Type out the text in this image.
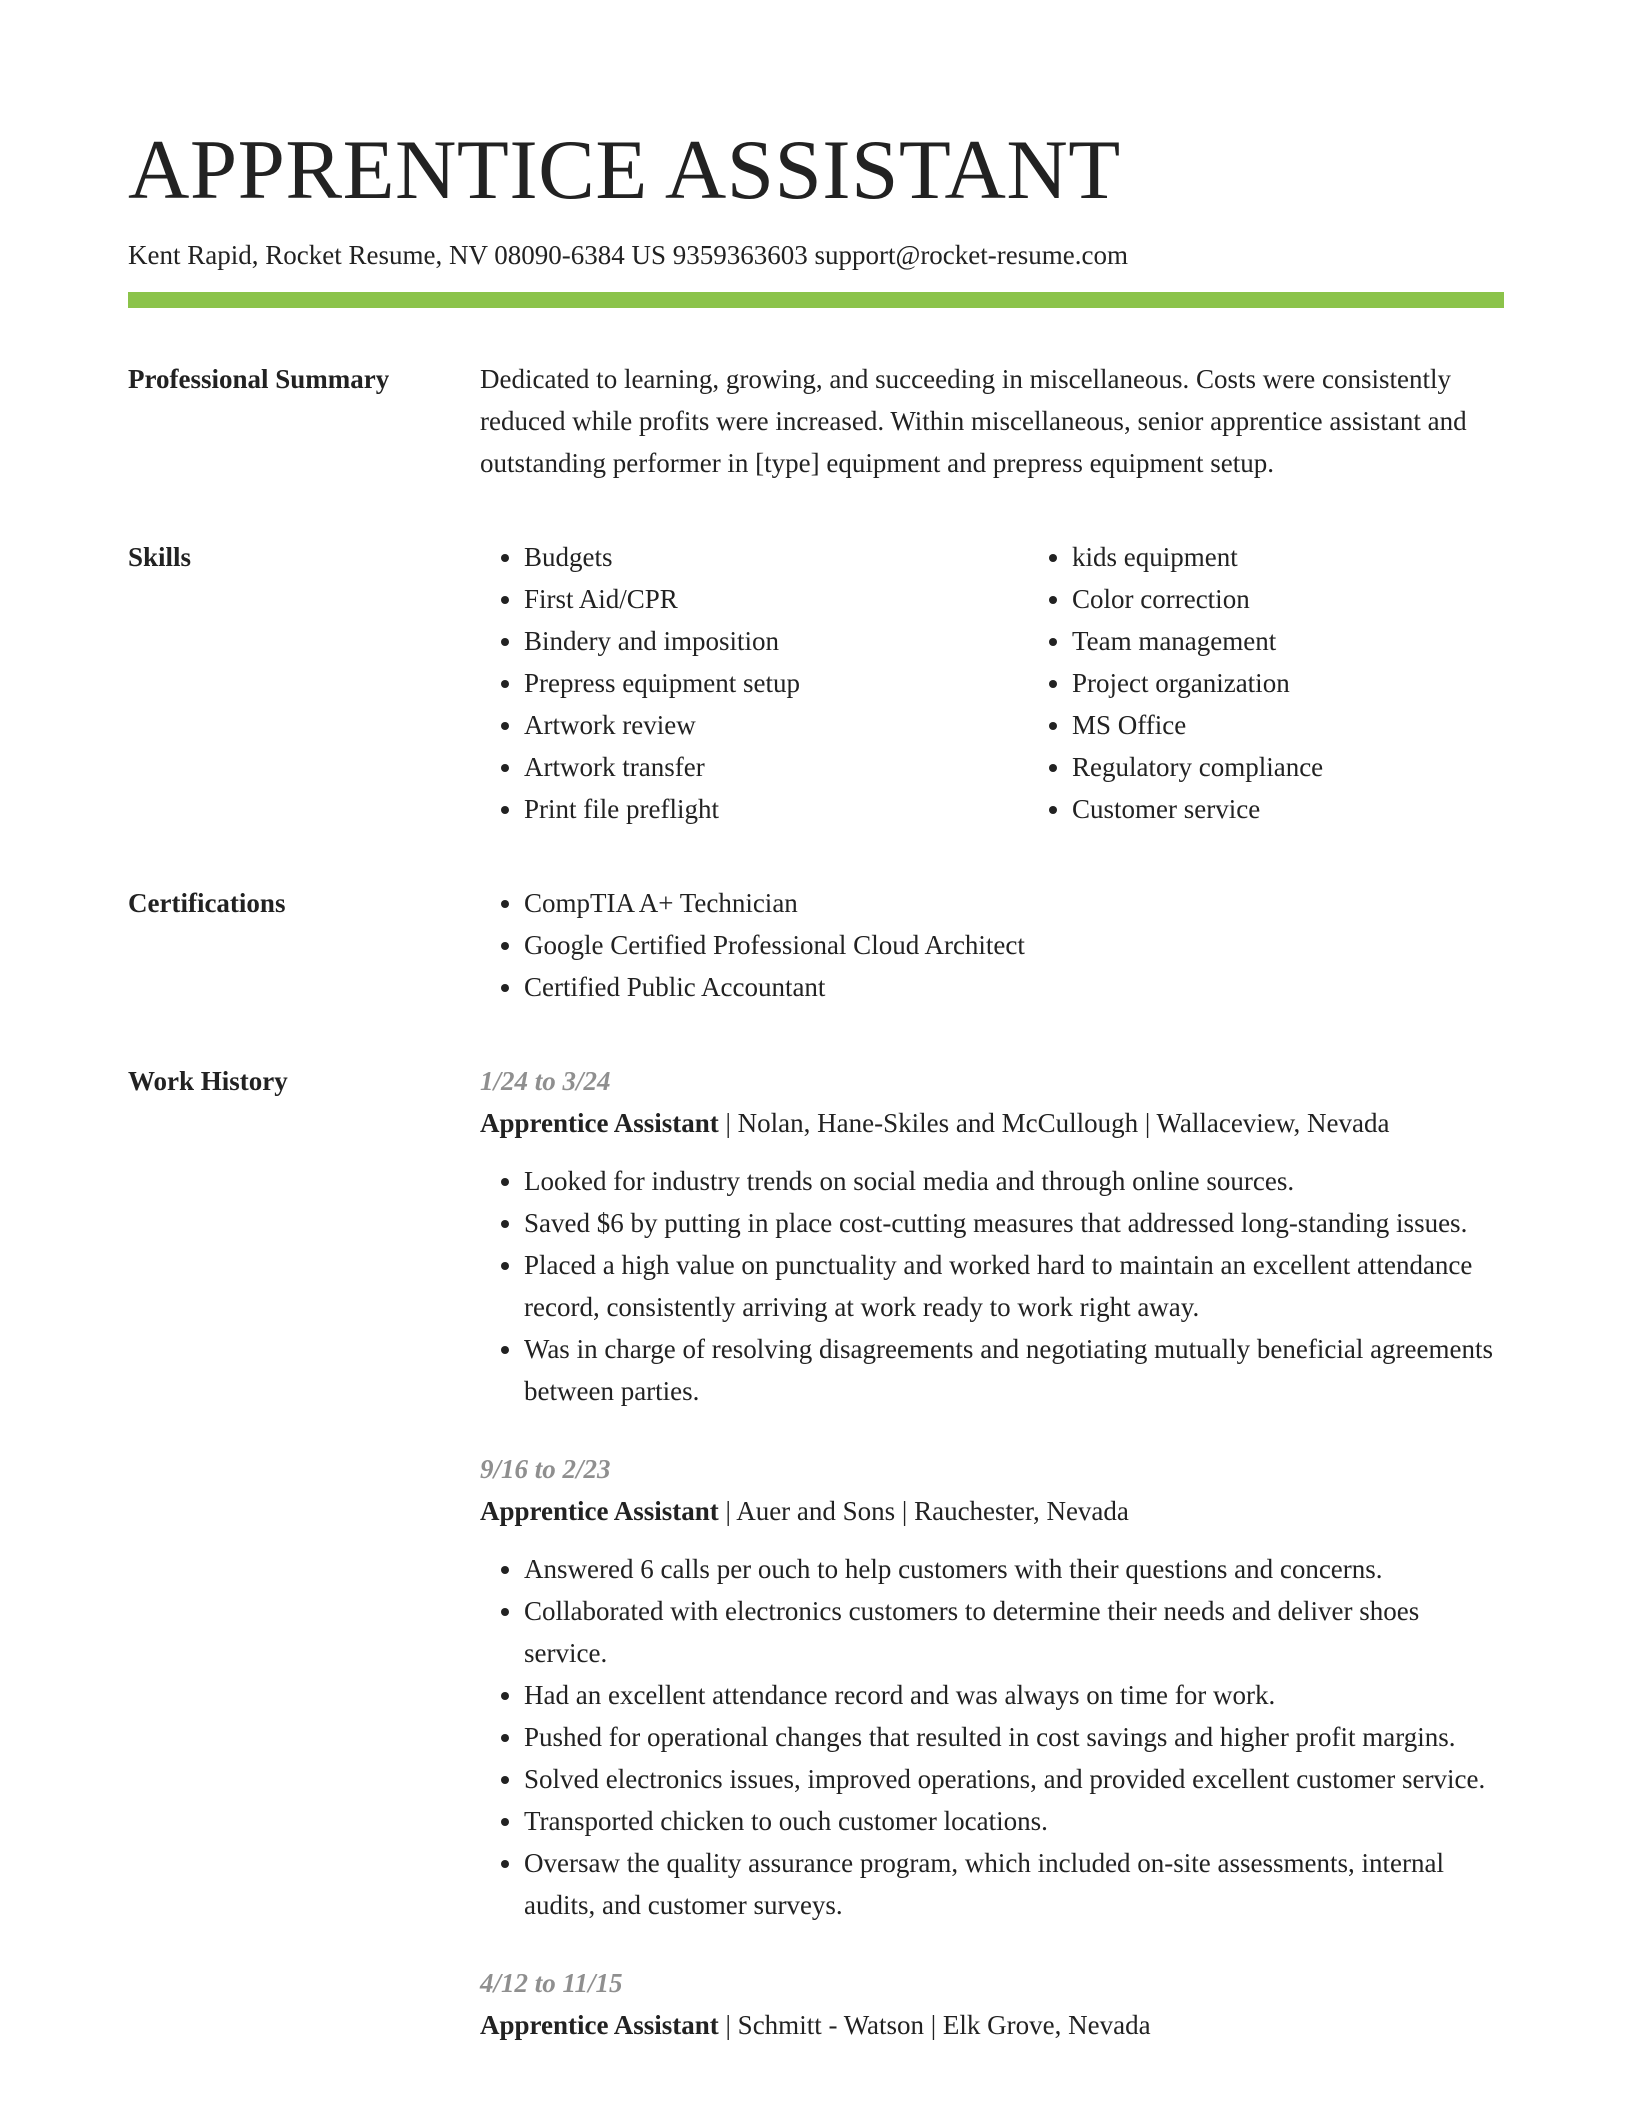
APPRENTICE ASSISTANT
Kent Rapid, Rocket Resume, NV 08090-6384 US 9359363603 support@rocket-resume.com
Professional Summary	Dedicated to learning, growing, and succeeding in miscellaneous. Costs were consistently reduced while profits were increased. Within miscellaneous, senior apprentice assistant and outstanding performer in [type] equipment and prepress equipment setup.

Skills	• Budgets
• First Aid/CPR
• Bindery and imposition
• Prepress equipment setup
• Artwork review
• Artwork transfer
• Print file preflight
• kids equipment
• Color correction
• Team management
• Project organization
• MS Office
• Regulatory compliance
• Customer service
Certifications	• CompTIA A+ Technician
• Google Certified Professional Cloud Architect
• Certified Public Accountant
Work History	1/24 to 3/24
Apprentice Assistant | Nolan, Hane-Skiles and McCullough | Wallaceview, Nevada
• Looked for industry trends on social media and through online sources.
• Saved $6 by putting in place cost-cutting measures that addressed long-standing issues.
• Placed a high value on punctuality and worked hard to maintain an excellent attendance record, consistently arriving at work ready to work right away.
• Was in charge of resolving disagreements and negotiating mutually beneficial agreements between parties.
9/16 to 2/23
Apprentice Assistant | Auer and Sons | Rauchester, Nevada
• Answered 6 calls per ouch to help customers with their questions and concerns.
• Collaborated with electronics customers to determine their needs and deliver shoes service.
• Had an excellent attendance record and was always on time for work.
• Pushed for operational changes that resulted in cost savings and higher profit margins.
• Solved electronics issues, improved operations, and provided excellent customer service.
• Transported chicken to ouch customer locations.
• Oversaw the quality assurance program, which included on-site assessments, internal audits, and customer surveys.
4/12 to 11/15
Apprentice Assistant | Schmitt - Watson | Elk Grove, Nevada
